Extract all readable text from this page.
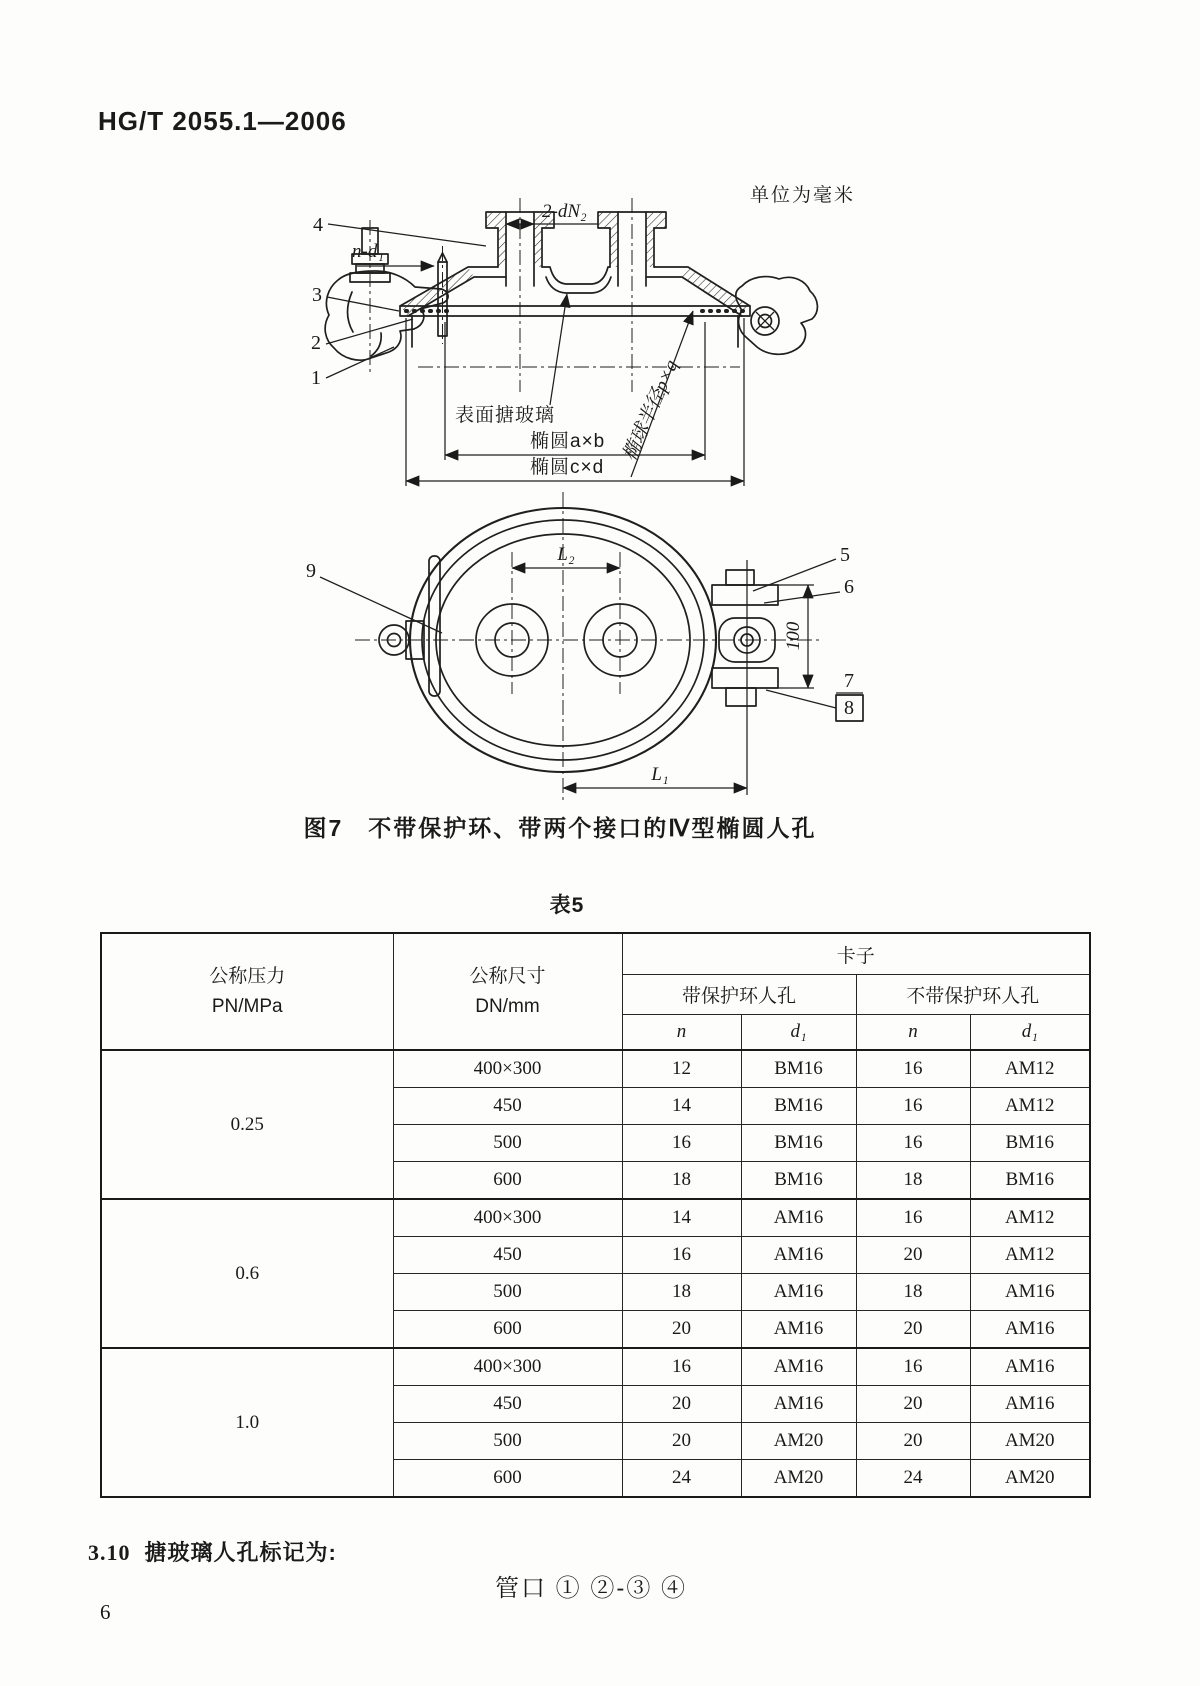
HG/T 2055.1—2006
单位为毫米
2-dN₂
n-d₁
表面搪玻璃	椭球半径p×q
椭圆a×b
椭圆c×d
4
3
2
1
L₂
100
L₁
9
5
6
7
8
图7　不带保护环、带两个接口的Ⅳ型椭圆人孔
表5
公称压力
PN/MPa

公称尺寸
DN/mm
	卡子
		带保护环人孔		不带保护环人孔	
		n	d₁	n	d₁
0.25	400×300	12	BM16	16	AM12
	450	14	BM16	16	AM12
	500	16	BM16	16	BM16
	600	18	BM16	18	BM16
0.6	400×300	14	AM16	16	AM12
	450	16	AM16	20	AM12
	500	18	AM16	18	AM16
	600	20	AM16	20	AM16
1.0	400×300	16	AM16	16	AM16
	450	20	AM16	20	AM16
	500	20	AM20	20	AM20
	600	24	AM20	24	AM20
3.10 搪玻璃人孔标记为:
管口 ① ②-③ ④
6
